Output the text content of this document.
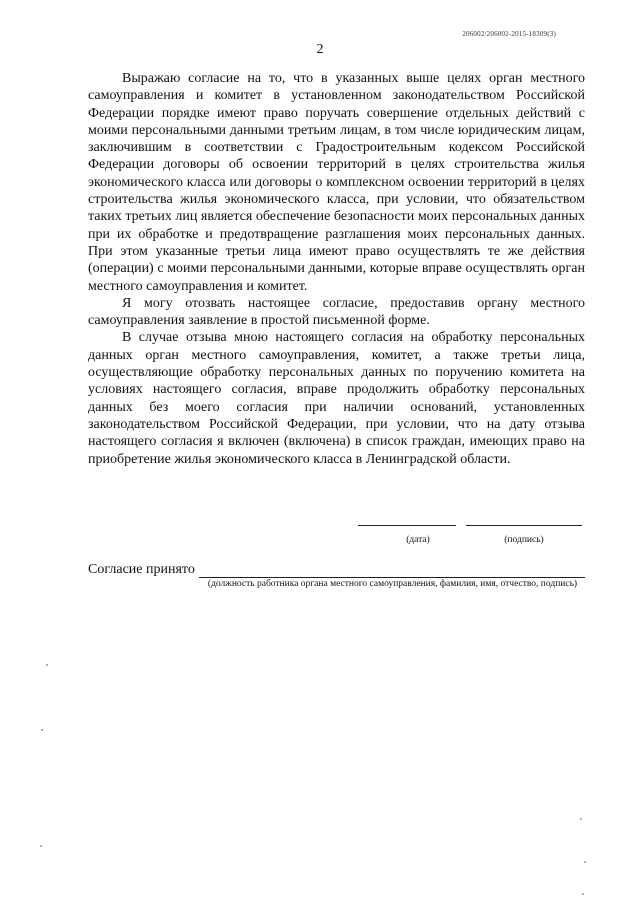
206002/206002-2015-18309(3)
2

Выражаю согласие на то, что в указанных выше целях орган местного самоуправления и комитет в установленном законодательством Российской Федерации порядке имеют право поручать совершение отдельных действий с моими персональными данными третьим лицам, в том числе юридическим лицам, заключившим в соответствии с Градостроительным кодексом Российской Федерации договоры об освоении территорий в целях строительства жилья экономического класса или договоры о комплексном освоении территорий в целях строительства жилья экономического класса, при условии, что обязательством таких третьих лиц является обеспечение безопасности моих персональных данных при их обработке и предотвращение разглашения моих персональных данных. При этом указанные третьи лица имеют право осуществлять те же действия (операции) с моими персональными данными, которые вправе осуществлять орган местного самоуправления и комитет.

Я могу отозвать настоящее согласие, предоставив органу местного самоуправления заявление в простой письменной форме.

В случае отзыва мною настоящего согласия на обработку персональных данных орган местного самоуправления, комитет, а также третьи лица, осуществляющие обработку персональных данных по поручению комитета на условиях настоящего согласия, вправе продолжить обработку персональных данных без моего согласия при наличии оснований, установленных законодательством Российской Федерации, при условии, что на дату отзыва настоящего согласия я включен (включена) в список граждан, имеющих право на приобретение жилья экономического класса в Ленинградской области.

(дата)	(подпись)
Согласие принято
(должность работника органа местного самоуправления, фамилия, имя, отчество, подпись)
